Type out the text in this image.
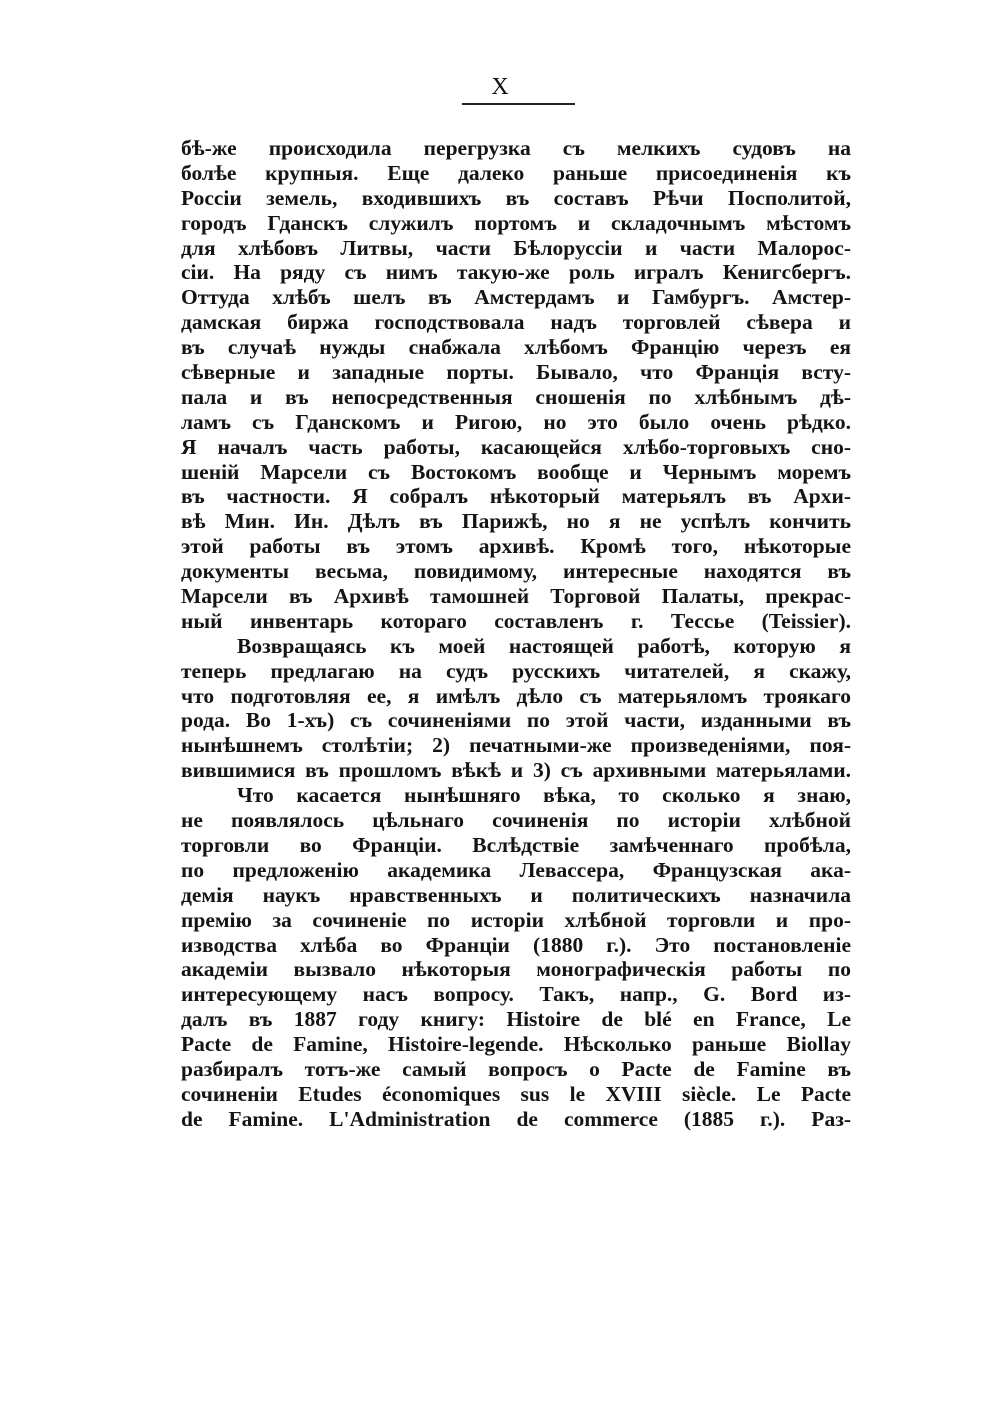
X
бѣ-же происходила перегрузка съ мелкихъ судовъ на
болѣе крупныя. Еще далеко раньше присоединенія къ
Россіи земель, входившихъ въ составъ Рѣчи Посполитой,
городъ Гданскъ служилъ портомъ и складочнымъ мѣстомъ
для хлѣбовъ Литвы, части Бѣлоруссіи и части Малорос-
сіи. На ряду съ нимъ такую-же роль игралъ Кенигсбергъ.
Оттуда хлѣбъ шелъ въ Амстердамъ и Гамбургъ. Амстер-
дамская биржа господствовала надъ торговлей сѣвера и
въ случаѣ нужды снабжала хлѣбомъ Францію черезъ ея
сѣверные и западные порты. Бывало, что Франція всту-
пала и въ непосредственныя сношенія по хлѣбнымъ дѣ-
ламъ съ Гданскомъ и Ригою, но это было очень рѣдко.
Я началъ часть работы, касающейся хлѣбо-торговыхъ сно-
шеній Марсели съ Востокомъ вообще и Чернымъ моремъ
въ частности. Я собралъ нѣкоторый матерьялъ въ Архи-
вѣ Мин. Ин. Дѣлъ въ Парижѣ, но я не успѣлъ кончить
этой работы въ этомъ архивѣ. Кромѣ того, нѣкоторые
документы весьма, повидимому, интересные находятся въ
Марсели въ Архивѣ тамошней Торговой Палаты, прекрас-
ный инвентарь котораго составленъ г. Тессье (Teissier).
Возвращаясь къ моей настоящей работѣ, которую я
теперь предлагаю на судъ русскихъ читателей, я скажу,
что подготовляя ее, я имѣлъ дѣло съ матерьяломъ троякаго
рода. Во 1-хъ) съ сочиненіями по этой части, изданными въ
нынѣшнемъ столѣтіи; 2) печатными-же произведеніями, поя-
вившимися въ прошломъ вѣкѣ и 3) съ архивными матерьялами.
Что касается нынѣшняго вѣка, то сколько я знаю,
не появлялось цѣльнаго сочиненія по исторіи хлѣбной
торговли во Франціи. Вслѣдствіе замѣченнаго пробѣла,
по предложенію академика Левассера, Французская ака-
демія наукъ нравственныхъ и политическихъ назначила
премію за сочиненіе по исторіи хлѣбной торговли и про-
изводства хлѣба во Франціи (1880 г.). Это постановленіе
академіи вызвало нѣкоторыя монографическія работы по
интересующему насъ вопросу. Такъ, напр., G. Bord из-
далъ въ 1887 году книгу: Histoire de blé en France, Le
Pacte de Famine, Histoire-legende. Нѣсколько раньше Biollay
разбиралъ тотъ-же самый вопросъ о Pacte de Famine въ
сочиненіи Etudes économiques sus le XVIII siècle. Le Pacte
de Famine. L'Administration de commerce (1885 г.). Раз-
